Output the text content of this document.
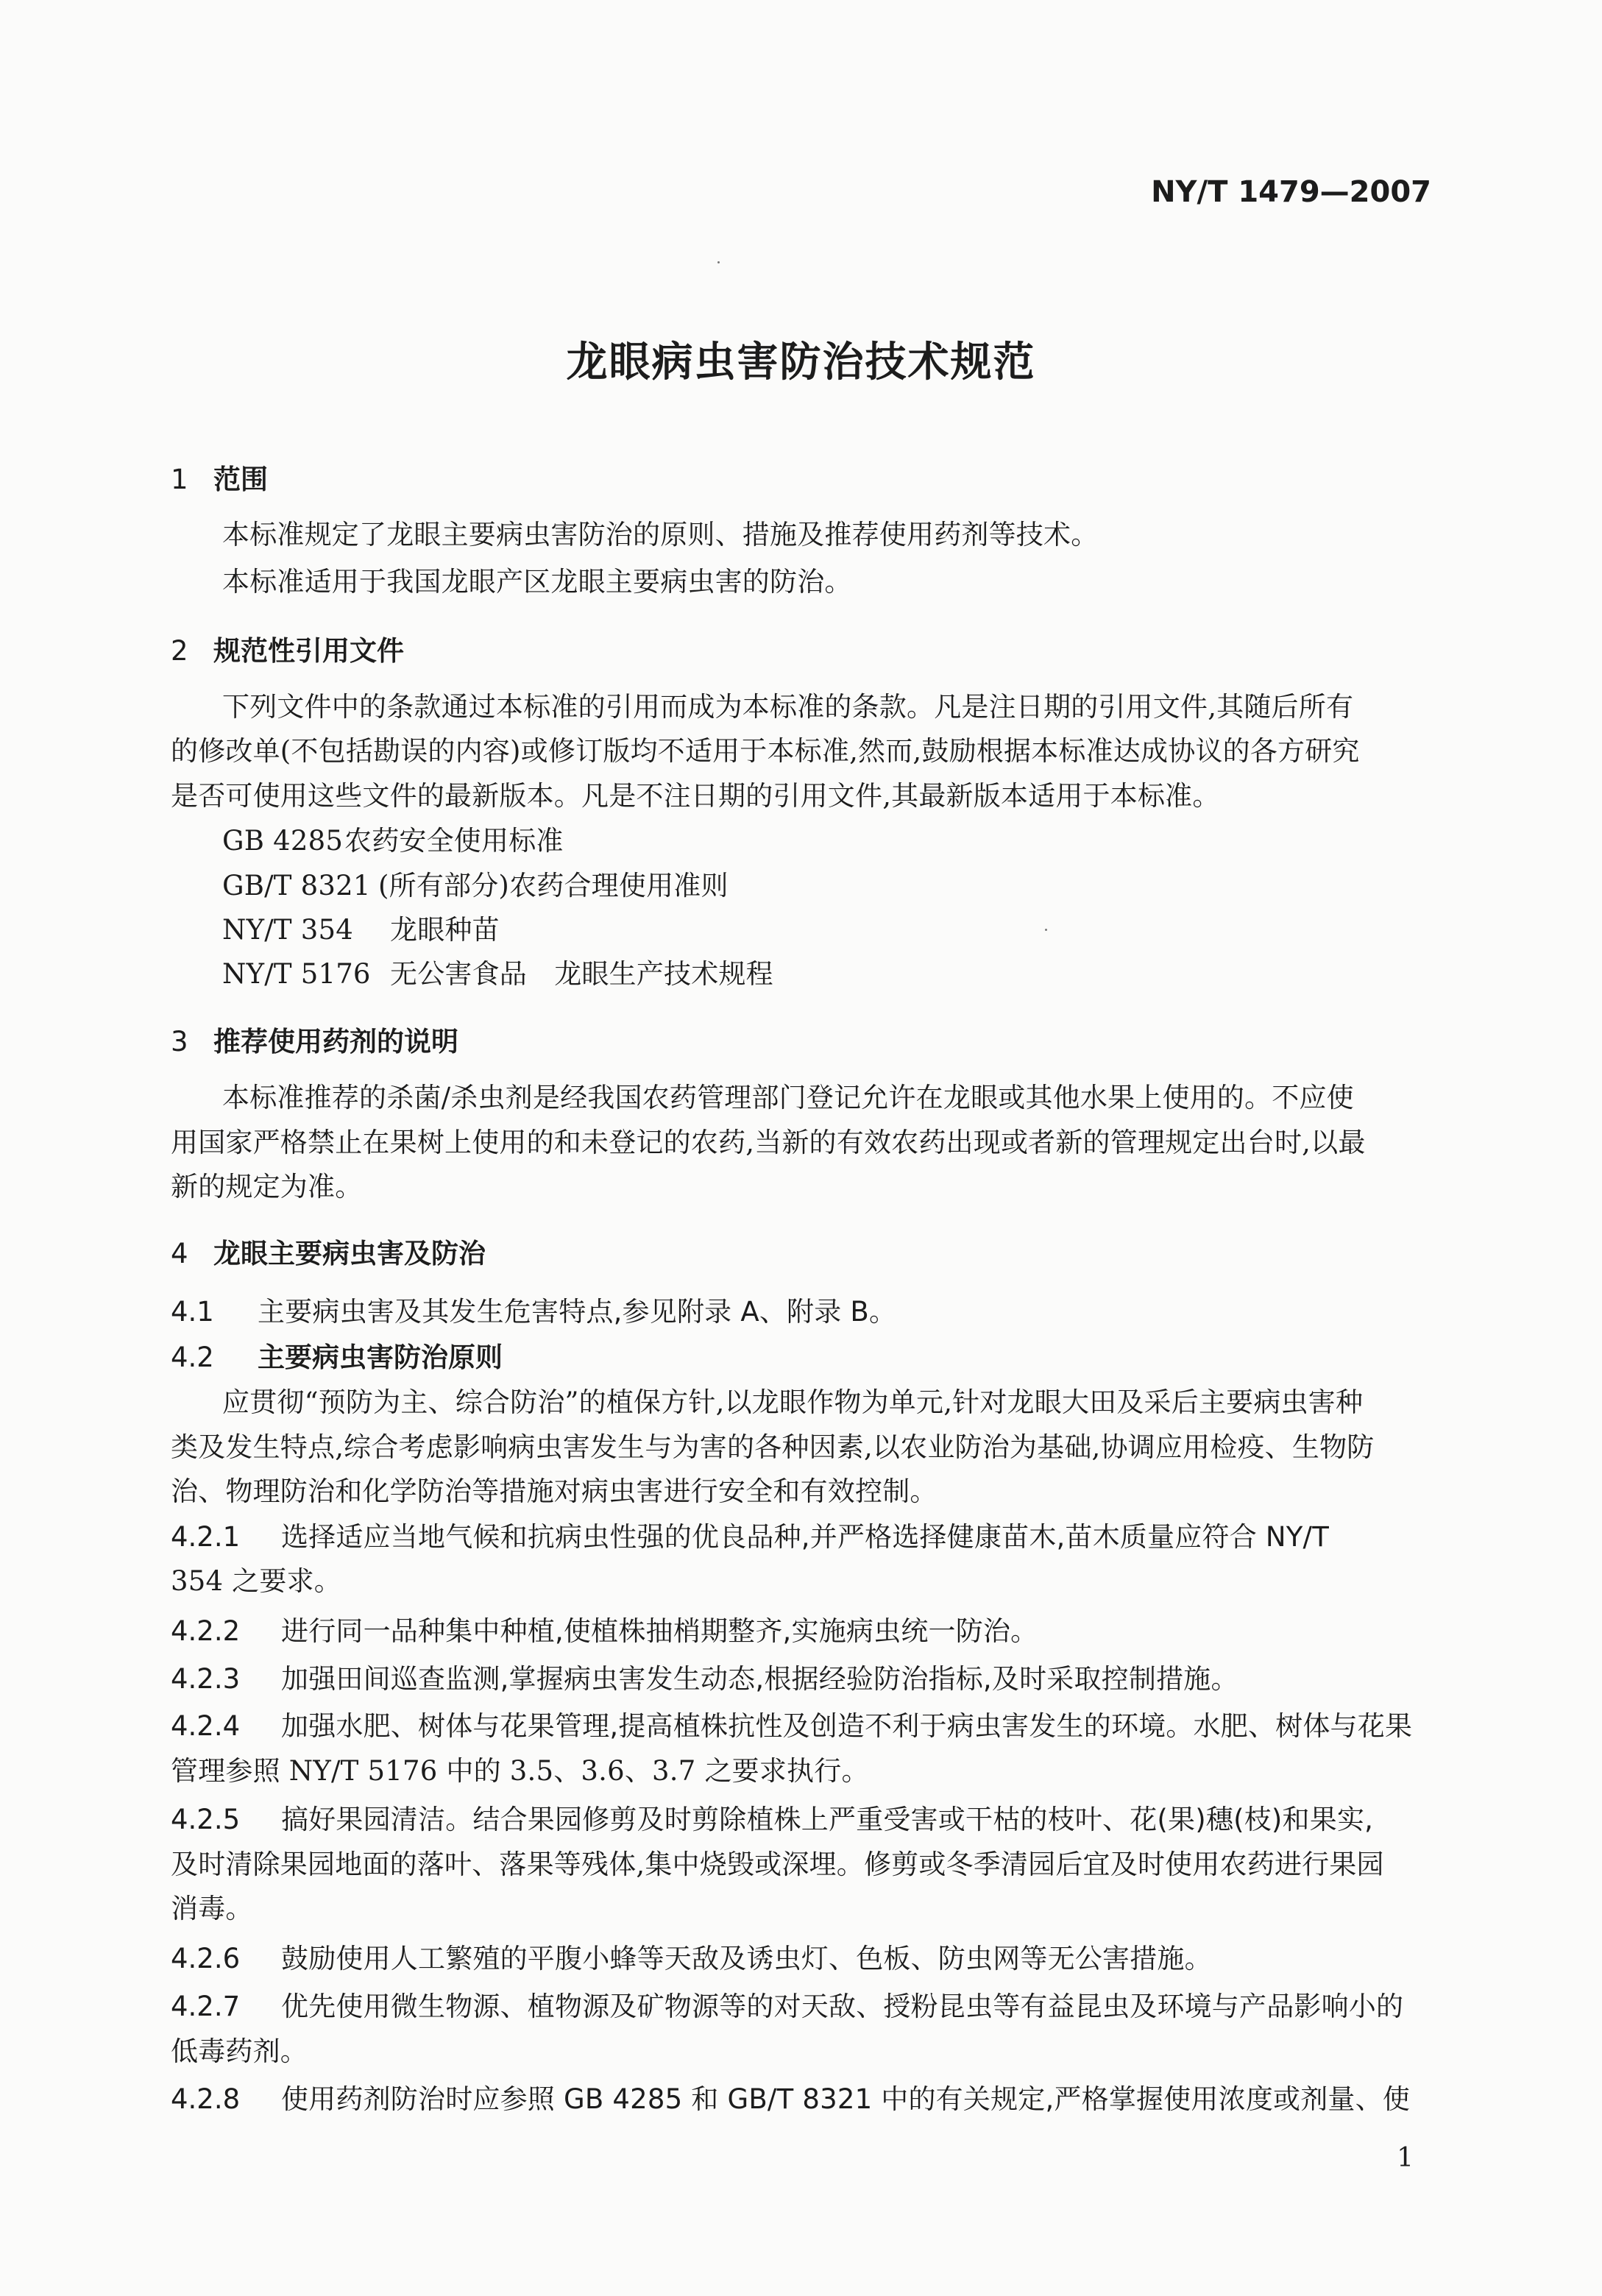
NY/T 1479—2007
龙眼病虫害防治技术规范
1 范围
本标准规定了龙眼主要病虫害防治的原则、措施及推荐使用药剂等技术。
本标准适用于我国龙眼产区龙眼主要病虫害的防治。
2 规范性引用文件
下列文件中的条款通过本标准的引用而成为本标准的条款。凡是注日期的引用文件,其随后所有
的修改单(不包括勘误的内容)或修订版均不适用于本标准,然而,鼓励根据本标准达成协议的各方研究
是否可使用这些文件的最新版本。凡是不注日期的引用文件,其最新版本适用于本标准。
GB 4285农药安全使用标准
GB/T 8321 (所有部分)农药合理使用准则
NY/T 354 龙眼种苗
NY/T 5176 无公害食品　龙眼生产技术规程
3 推荐使用药剂的说明
本标准推荐的杀菌/杀虫剂是经我国农药管理部门登记允许在龙眼或其他水果上使用的。不应使
用国家严格禁止在果树上使用的和未登记的农药,当新的有效农药出现或者新的管理规定出台时,以最
新的规定为准。
4 龙眼主要病虫害及防治
4.1 主要病虫害及其发生危害特点,参见附录 A、附录 B。
4.2 主要病虫害防治原则
应贯彻“预防为主、综合防治”的植保方针,以龙眼作物为单元,针对龙眼大田及采后主要病虫害种
类及发生特点,综合考虑影响病虫害发生与为害的各种因素,以农业防治为基础,协调应用检疫、生物防
治、物理防治和化学防治等措施对病虫害进行安全和有效控制。
4.2.1 选择适应当地气候和抗病虫性强的优良品种,并严格选择健康苗木,苗木质量应符合 NY/T
354 之要求。
4.2.2 进行同一品种集中种植,使植株抽梢期整齐,实施病虫统一防治。
4.2.3 加强田间巡查监测,掌握病虫害发生动态,根据经验防治指标,及时采取控制措施。
4.2.4 加强水肥、树体与花果管理,提高植株抗性及创造不利于病虫害发生的环境。水肥、树体与花果
管理参照 NY/T 5176 中的 3.5、3.6、3.7 之要求执行。
4.2.5 搞好果园清洁。结合果园修剪及时剪除植株上严重受害或干枯的枝叶、花(果)穗(枝)和果实,
及时清除果园地面的落叶、落果等残体,集中烧毁或深埋。修剪或冬季清园后宜及时使用农药进行果园
消毒。
4.2.6 鼓励使用人工繁殖的平腹小蜂等天敌及诱虫灯、色板、防虫网等无公害措施。
4.2.7 优先使用微生物源、植物源及矿物源等的对天敌、授粉昆虫等有益昆虫及环境与产品影响小的
低毒药剂。
4.2.8 使用药剂防治时应参照 GB 4285 和 GB/T 8321 中的有关规定,严格掌握使用浓度或剂量、使
1
